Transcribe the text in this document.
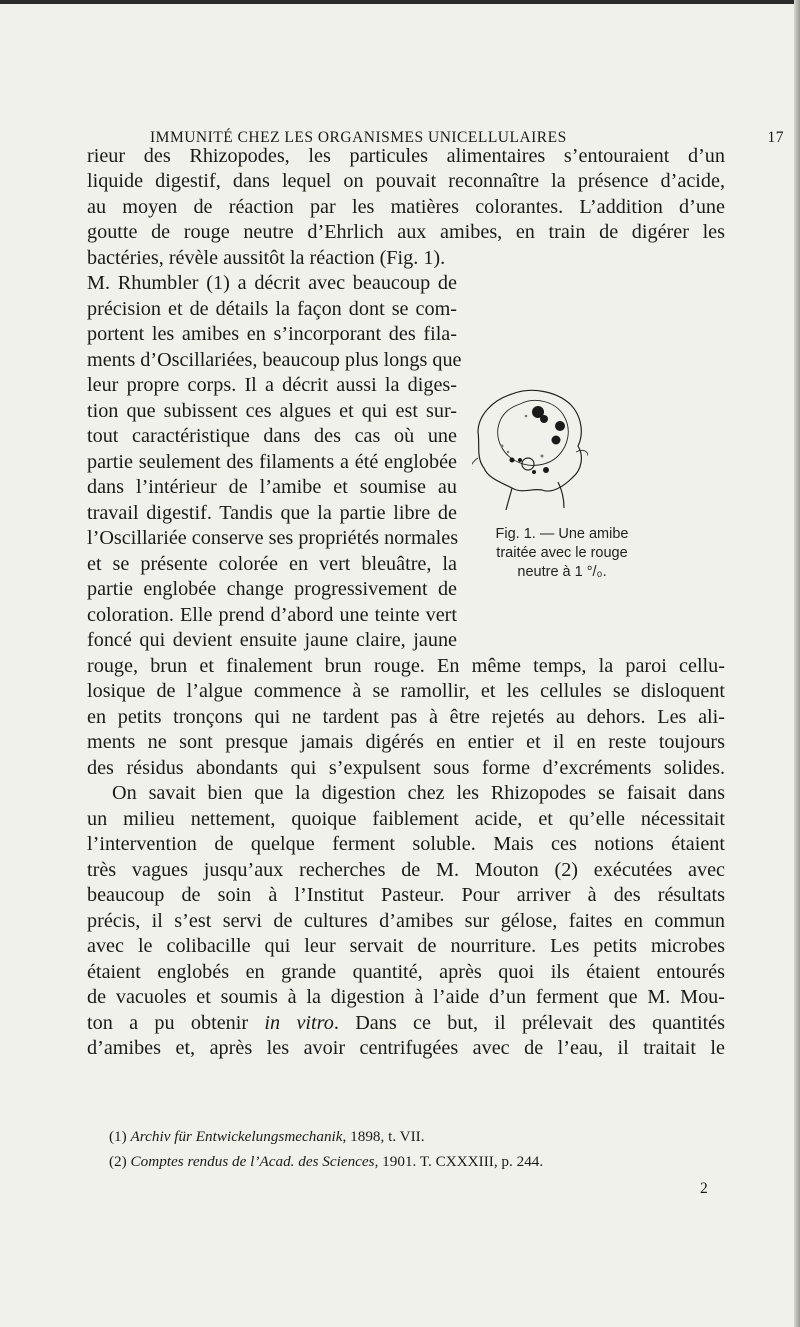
IMMUNITÉ CHEZ LES ORGANISMES UNICELLULAIRES	17
rieur des Rhizopodes, les particules alimentaires s’entouraient d’un
liquide digestif, dans lequel on pouvait reconnaître la présence d’acide,
au moyen de réaction par les matières colorantes. L’addition d’une
goutte de rouge neutre d’Ehrlich aux amibes, en train de digérer les
bactéries, révèle aussitôt la réaction (Fig. 1).
M. Rhumbler (1) a décrit avec beaucoup de
précision et de détails la façon dont se com-
portent les amibes en s’incorporant des fila-
ments d’Oscillariées, beaucoup plus longs que
leur propre corps. Il a décrit aussi la diges-
tion que subissent ces algues et qui est sur-
tout caractéristique dans des cas où une
partie seulement des filaments a été englobée
dans l’intérieur de l’amibe et soumise au
travail digestif. Tandis que la partie libre de
l’Oscillariée conserve ses propriétés normales
et se présente colorée en vert bleuâtre, la
partie englobée change progressivement de
coloration. Elle prend d’abord une teinte vert
foncé qui devient ensuite jaune claire, jaune
rouge, brun et finalement brun rouge. En même temps, la paroi cellu-
losique de l’algue commence à se ramollir, et les cellules se disloquent
en petits tronçons qui ne tardent pas à être rejetés au dehors. Les ali-
ments ne sont presque jamais digérés en entier et il en reste toujours
des résidus abondants qui s’expulsent sous forme d’excréments solides.
On savait bien que la digestion chez les Rhizopodes se faisait dans
un milieu nettement, quoique faiblement acide, et qu’elle nécessitait
l’intervention de quelque ferment soluble. Mais ces notions étaient
très vagues jusqu’aux recherches de M. Mouton (2) exécutées avec
beaucoup de soin à l’Institut Pasteur. Pour arriver à des résultats
précis, il s’est servi de cultures d’amibes sur gélose, faites en commun
avec le colibacille qui leur servait de nourriture. Les petits microbes
étaient englobés en grande quantité, après quoi ils étaient entourés
de vacuoles et soumis à la digestion à l’aide d’un ferment que M. Mou-
ton a pu obtenir in vitro. Dans ce but, il prélevait des quantités
d’amibes et, après les avoir centrifugées avec de l’eau, il traitait le
Fig. 1. — Une amibe
traitée avec le rouge
neutre à 1 °/₀.
(1) Archiv für Entwickelungsmechanik, 1898, t. VII.
(2) Comptes rendus de l’Acad. des Sciences, 1901. T. CXXXIII, p. 244.
2
